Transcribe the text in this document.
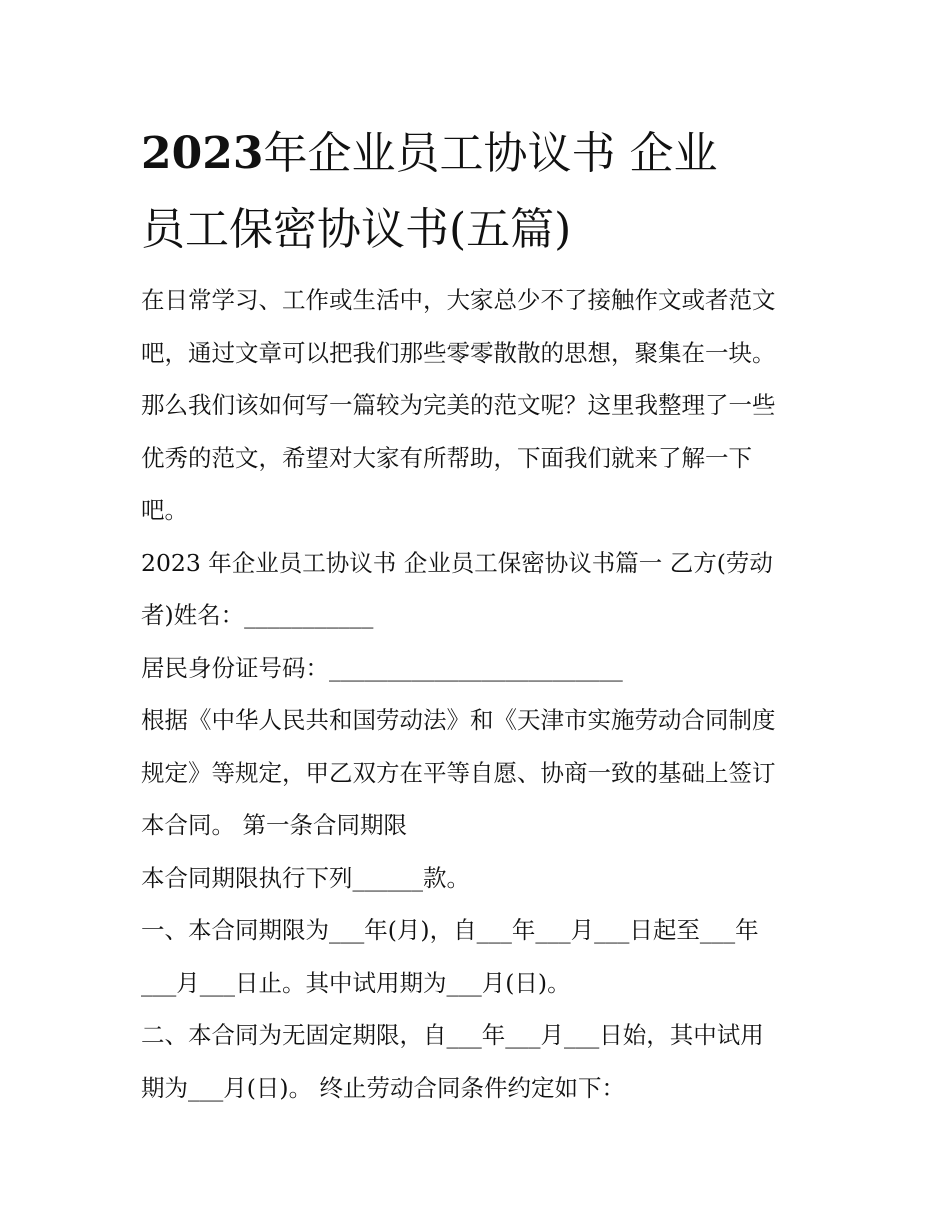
2023年企业员工协议书 企业
员工保密协议书(五篇)
在日常学习、工作或生活中，大家总少不了接触作文或者范文
吧，通过文章可以把我们那些零零散散的思想，聚集在一块。
那么我们该如何写一篇较为完美的范文呢？这里我整理了一些
优秀的范文，希望对大家有所帮助，下面我们就来了解一下
吧。
2023 年企业员工协议书 企业员工保密协议书篇一 乙方(劳动
者)姓名：___________
居民身份证号码：_________________________
根据《中华人民共和国劳动法》和《天津市实施劳动合同制度
规定》等规定，甲乙双方在平等自愿、协商一致的基础上签订
本合同。 第一条合同期限
本合同期限执行下列______款。
一、本合同期限为___年(月)，自___年___月___日起至___年
___月___日止。其中试用期为___月(日)。
二、本合同为无固定期限，自___年___月___日始，其中试用
期为___月(日)。 终止劳动合同条件约定如下：
